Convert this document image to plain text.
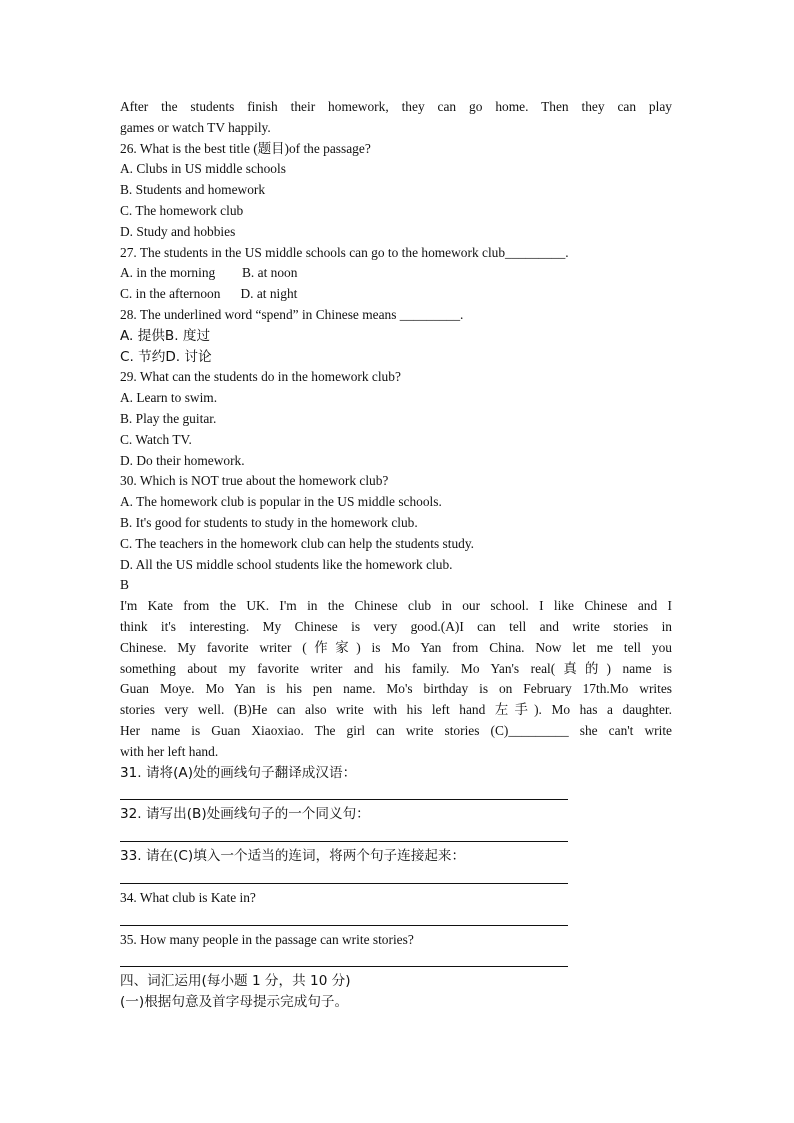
After the students finish their homework, they can go home. Then they can play
games or watch TV happily.
26. What is the best title (题目)of the passage?
A. Clubs in US middle schools
B. Students and homework
C. The homework club
D. Study and hobbies
27. The students in the US middle schools can go to the homework club_________.
A. in the morning        B. at noon
C. in the afternoon      D. at night
28. The underlined word “spend” in Chinese means _________.
A. 提供B. 度过
C. 节约D. 讨论
29. What can the students do in the homework club?
A. Learn to swim.
B. Play the guitar.
C. Watch TV.
D. Do their homework.
30. Which is NOT true about the homework club?
A. The homework club is popular in the US middle schools.
B. It's good for students to study in the homework club.
C. The teachers in the homework club can help the students study.
D. All the US middle school students like the homework club.
B
I'm Kate from the UK. I'm in the Chinese club in our school. I like Chinese and I
think it's interesting. My Chinese is very good.(A)I can tell and write stories in
Chinese. My favorite writer (作家) is Mo Yan from China. Now let me tell you
something about my favorite writer and his family. Mo Yan's real(真的) name is
Guan Moye. Mo Yan is his pen name. Mo's birthday is on February 17th.Mo writes
stories very well. (B)He can also write with his left hand 左手). Mo has a daughter.
Her name is Guan Xiaoxiao. The girl can write stories (C)_________ she can't write
with her left hand.
31. 请将(A)处的画线句子翻译成汉语：
32. 请写出(B)处画线句子的一个同义句：
33. 请在(C)填入一个适当的连词，将两个句子连接起来：
34. What club is Kate in?
35. How many people in the passage can write stories?
四、词汇运用(每小题 1 分，共 10 分)
(一)根据句意及首字母提示完成句子。
